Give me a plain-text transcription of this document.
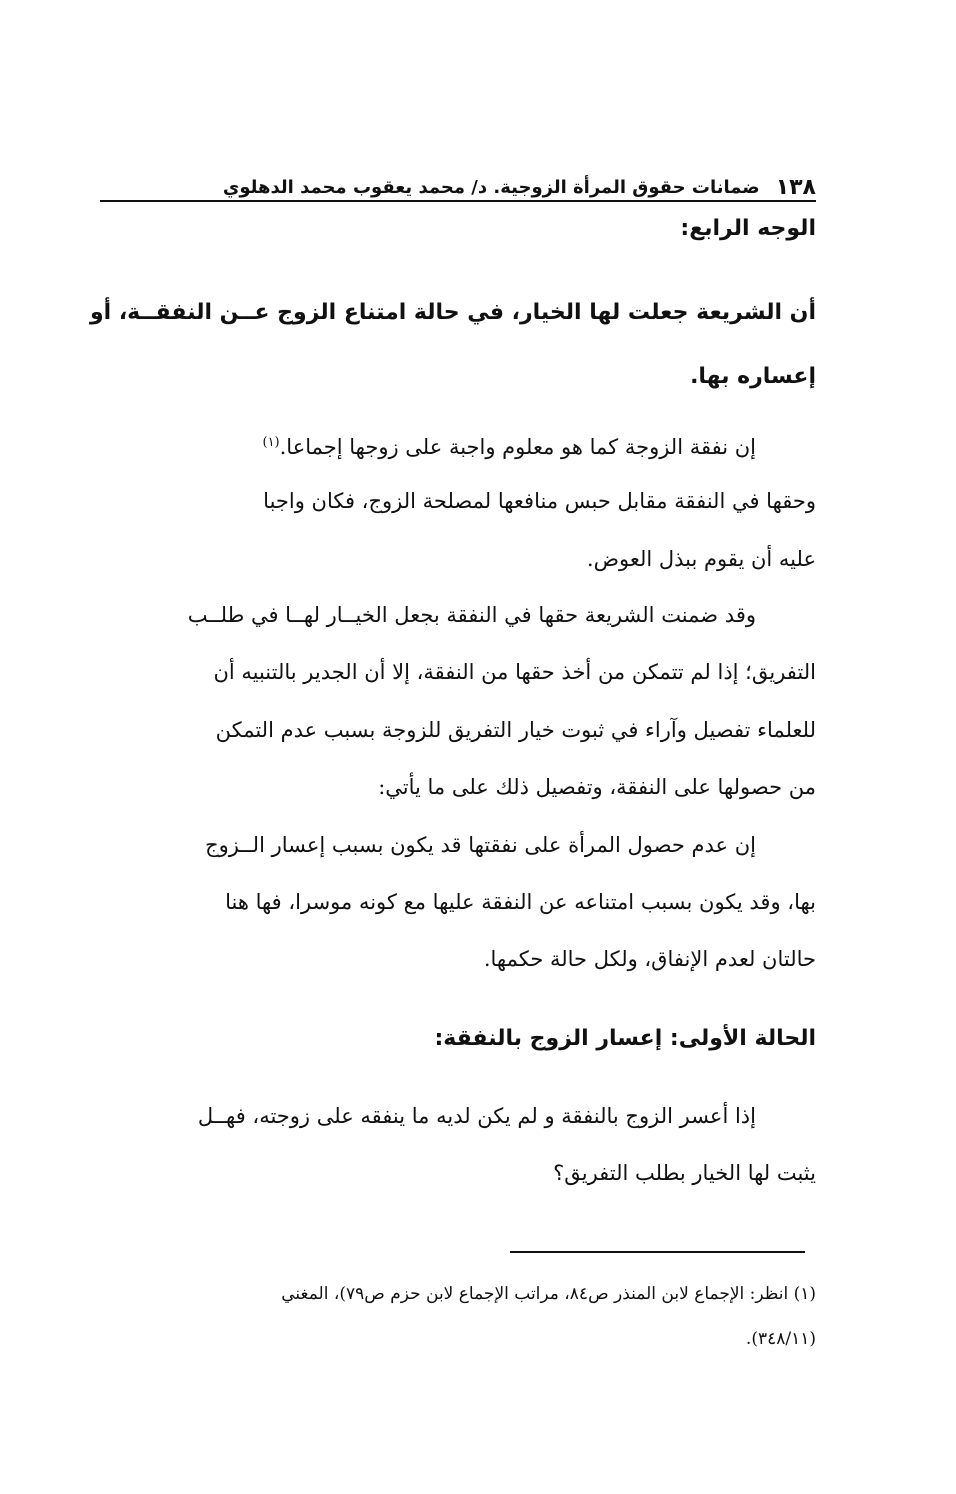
١٣٨
ضمانات حقوق المرأة الزوجية. د/ محمد يعقوب محمد الدهلوي
الوجه الرابع:
أن الشريعة جعلت لها الخيار، في حالة امتناع الزوج عــن النفقــة، أو
إعساره بها.
إن نفقة الزوجة كما هو معلوم واجبة على زوجها إجماعا.$^{(١)}$
وحقها في النفقة مقابل حبس منافعها لمصلحة الزوج، فكان واجبا
عليه أن يقوم ببذل العوض.
وقد ضمنت الشريعة حقها في النفقة بجعل الخيــار لهــا في طلــب
التفريق؛ إذا لم تتمكن من أخذ حقها من النفقة، إلا أن الجدير بالتنبيه أن
للعلماء تفصيل وآراء في ثبوت خيار التفريق للزوجة بسبب عدم التمكن
من حصولها على النفقة، وتفصيل ذلك على ما يأتي:
إن عدم حصول المرأة على نفقتها قد يكون بسبب إعسار الــزوج
بها، وقد يكون بسبب امتناعه عن النفقة عليها مع كونه موسرا، فها هنا
حالتان لعدم الإنفاق، ولكل حالة حكمها.
الحالة الأولى: إعسار الزوج بالنفقة:
إذا أعسر الزوج بالنفقة و لم يكن لديه ما ينفقه على زوجته، فهــل
يثبت لها الخيار بطلب التفريق؟
(١) انظر: الإجماع لابن المنذر ص٨٤، مراتب الإجماع لابن حزم ص٧٩)، المغني
(٣٤٨/١١).
